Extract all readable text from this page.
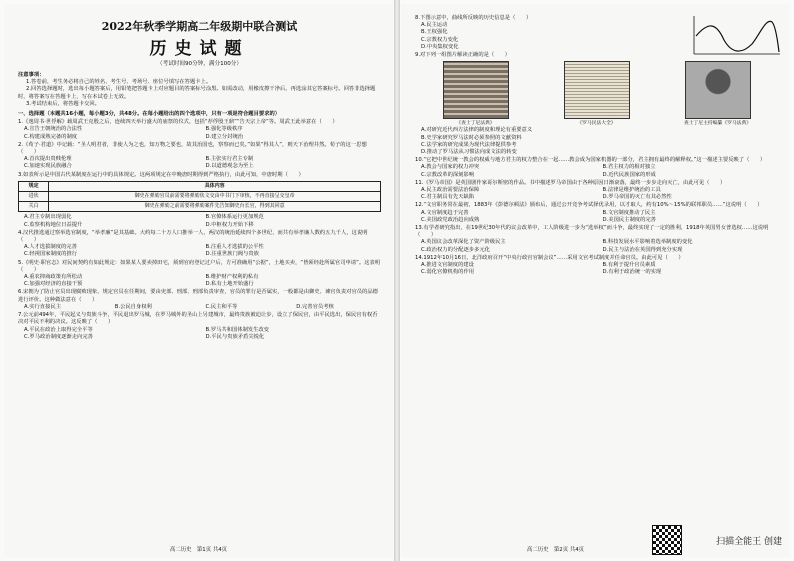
2022年秋季学期高二年级期中联合测试
历史试题
（考试时间90分钟，满分100分）
注意事项：
1.答卷前，考生务必将自己的姓名、考生号、考场号、座位号填写在答题卡上。
2.回答选择题时，选出每小题答案后，用铅笔把答题卡上对应题目的答案标号涂黑。如需改动，用橡皮擦干净后，再选涂其它答案标号。回答非选择题时，将答案写在答题卡上，写在本试卷上无效。
3.考试结束后，将答题卡交回。
一、选择题（本题共16小题，每小题3分，共48分。在每小题给出的四个选项中，只有一项是符合题目要求的）
1.《逸周书·世俘解》载周武王克殷之后，连续四天举行盛大的庙祭的仪式，包括“荐俘殷王鼎”“告天宗上帝”等。周武王此举意在（　　）
A.宣告王朝统治的合法性	B.强化等级秩序
C.构建成熟完备的制度	D.建立分封统治
2.《荀子·君道》中记载：“圣人明君者，非使人为之也，知万物之要也，故其治国也，察察而已矣。”如果“得其人”，则天下治理井然。荀子的这一思想（　　）
A.首次提出贵贱伦理	B.主张实行君主专制
C.加速实现民族融合	D.以道德观念为至上
3.如表所示是中国古代某制度在运行中的具体规定。这两项规定在中晚唐时期得到严格执行，由此可知，中唐时期（　　）
规定	具体内容
进状	御史在弹劾官员前需要将弹劾状文交由中书门下审核，不再直接呈交皇帝
关白	御史在弹劾之前需要将弹劾案件先告知御史台长官，得到其同意
A.君主专制出现弱化	B.官僚体系运行更加规范
C.监察机构地位日益提升	D.中枢权力开始下移
4.汉代推选通过察举选官制度，“举孝廉”是其基础。大约每二十万人口推举一人，两汉的统治延续四个多世纪，而共有举孝廉人数约五九千人，这说明（　　）
A.人才选拔制度的完善	B.注重人才选拔的公平性
C.轻视国家制度的推行	D.注重世族门阀与贵族
5.《明史·职官志》对民间契约有如此规定：如果某人要卖掉田宅，须到官府登记过户后，方可准确用“公据”，土地买卖，“皆须经赴所属官司申请”。这表明（　　）
A.重农抑商政策有所松动	B.维护财产权利的私有
C.加强对经济的直接干预	D.私有土地开始盛行
6.宋朝为了防止官员出现腐败现象，规定官员在任期间，要由吏部、刑部、刑部负责审查，官员的罪行是否属实，一般都是由御史、谏官负责对官员的品德进行评价。这种做法意在（　　）
A.实行直接民主	B.公民自身权利	C.民主和平等	D.完善官员考核
7.公元前494年，平民起义与贵族斗争，平民退出罗马城，在罗马城外的圣山上另建城市，最终贵族被迫让步，设立了保民官，由平民选出，保民官有权否决对平民不利的决议。这反映了（　　）
A.平民在政治上取得完全平等	B.罗马共和国体制发生改变
C.罗马政治制度逐渐走向完善	D.平民与贵族矛盾尖锐化
高二历史　第1页 共4页
8.下图示意中，曲线所反映的历史信息是（　　）
A.民主运动
B.王权强化
C.宗教权力变化
D.中央集权变化
9.对下列一组图片解读正确的是（　　）
《查士丁尼法典》	《罗马民法大全》	查士丁尼主持编纂《罗马法典》
A.对研究近代西方法律的制度和理论有重要意义
B.史学家研究罗马法时必须参照的文献资料
C.法学家的研究成果为现代法律提供参考
D.推动了罗马法从习惯法向成文法的转变
10.“它把中世纪统一教会的权威与地方君主的权力整合在一起……教会成为国家机器的一部分，君主拥有最终的解释权。”这一描述主要反映了（　　）
A.教会与国家的权力冲突	B.君主权力的相对独立
C.宗教改革的深刻影响	D.近代民族国家的形成
11.《罗马帝国》是英国剧作家哥尔斯密的作品。书中描述罗马帝国由于各种原因日渐衰落，最终一步步走向灭亡，由此可见（　　）
A.民主政治需要法治保障	B.法律是维护统治的工具
C.君主制具有先天缺陷	D.罗马帝国的灭亡有其必然性
12.“文官职务常在最初，1883年《彭德尔顿法》颁布后，通过公开竞争考试择优录用，以才取人，约有10%～15%的联邦职员……”这说明（　　）
A.文官制度趋于完善	B.文官制度推动了民主
C.美国政党政治趋向成熟	D.美国民主制度的完善
13.有学者研究指出，在19世纪30年代的议会改革中，工人阶级进一步为“选举权”而斗争，最终实现了一定的胜利，1918年英国男女普选权……这说明（　　）
A.英国议会改革深化了资产阶级民主	B.科技发展水平影响着选举制度的变化
C.政治权力的分配逐步多元化	D.民主与法治在英国得到充分实现
14.1912年10月16日，北洋政府召开“中央行政官官制会议”……采用文官考试制度并任命官员。由此可见（　　）
A.推进文官制度的建设	B.有利于提升官员素质
C.弱化官僚机构的作用	D.有利于政治统一的实现
扫描全能王 创建
高二历史　第2页 共4页
